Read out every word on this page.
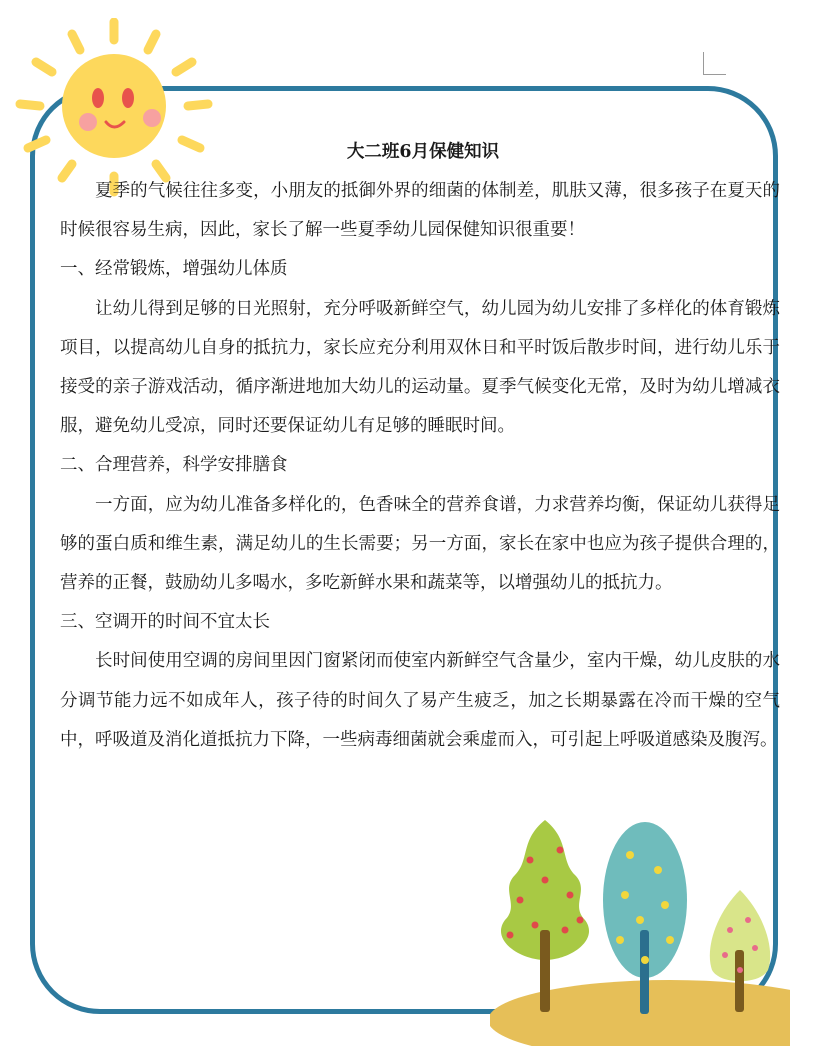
大二班6月保健知识

夏季的气候往往多变，小朋友的抵御外界的细菌的体制差，肌肤又薄，很多孩子在夏天的时候很容易生病，因此，家长了解一些夏季幼儿园保健知识很重要！

一、经常锻炼，增强幼儿体质

让幼儿得到足够的日光照射，充分呼吸新鲜空气，幼儿园为幼儿安排了多样化的体育锻炼项目，以提高幼儿自身的抵抗力，家长应充分利用双休日和平时饭后散步时间，进行幼儿乐于接受的亲子游戏活动，循序渐进地加大幼儿的运动量。夏季气候变化无常，及时为幼儿增减衣服，避免幼儿受凉，同时还要保证幼儿有足够的睡眠时间。

二、合理营养，科学安排膳食

一方面，应为幼儿准备多样化的，色香味全的营养食谱，力求营养均衡，保证幼儿获得足够的蛋白质和维生素，满足幼儿的生长需要；另一方面，家长在家中也应为孩子提供合理的，营养的正餐，鼓励幼儿多喝水，多吃新鲜水果和蔬菜等，以增强幼儿的抵抗力。

三、空调开的时间不宜太长

长时间使用空调的房间里因门窗紧闭而使室内新鲜空气含量少，室内干燥，幼儿皮肤的水分调节能力远不如成年人，孩子待的时间久了易产生疲乏，加之长期暴露在冷而干燥的空气中，呼吸道及消化道抵抗力下降，一些病毒细菌就会乘虚而入，可引起上呼吸道感染及腹泻。
